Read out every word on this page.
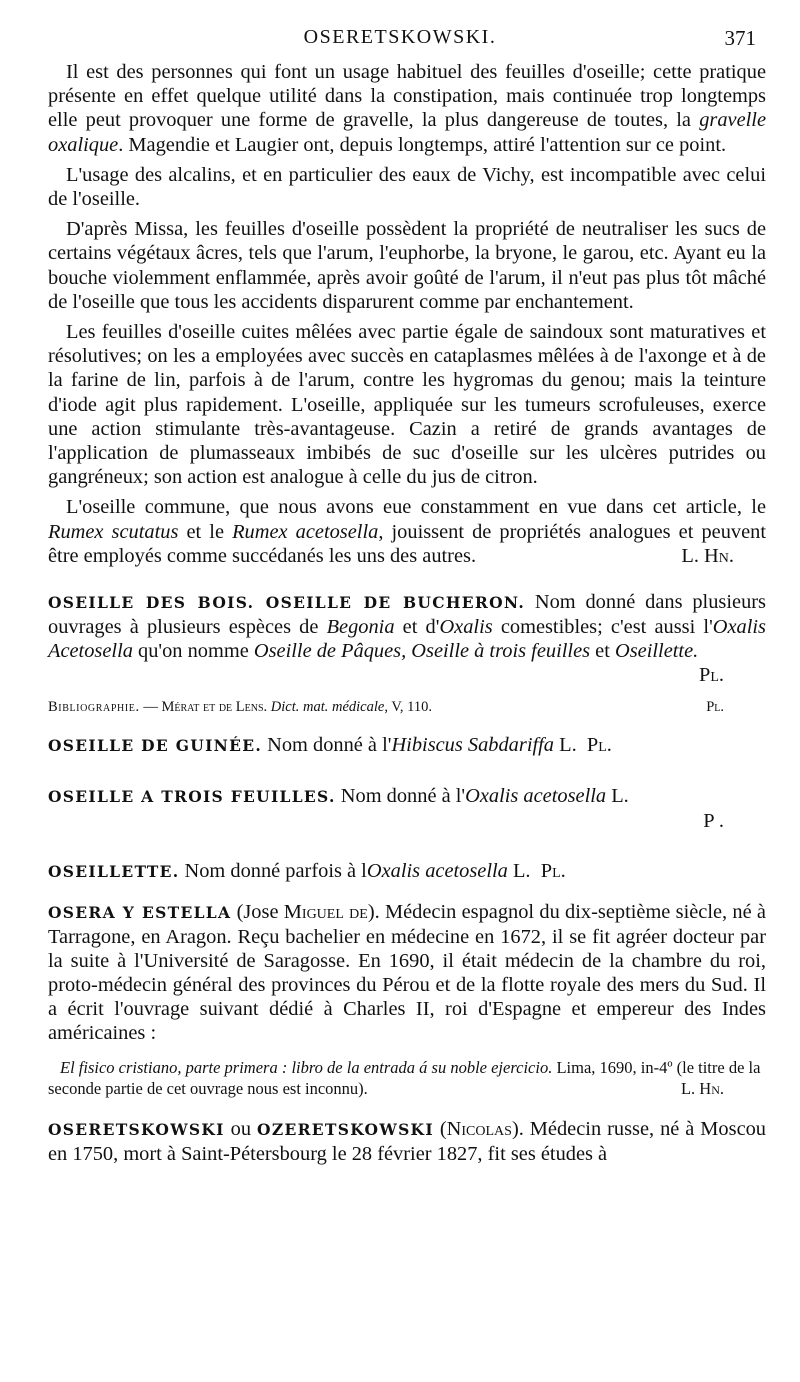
OSERETSKOWSKI.	371

Il est des personnes qui font un usage habituel des feuilles d'oseille; cette pratique présente en effet quelque utilité dans la constipation, mais continuée trop longtemps elle peut provoquer une forme de gravelle, la plus dangereuse de toutes, la gravelle oxalique. Magendie et Laugier ont, depuis longtemps, attiré l'attention sur ce point.

L'usage des alcalins, et en particulier des eaux de Vichy, est incompatible avec celui de l'oseille.

D'après Missa, les feuilles d'oseille possèdent la propriété de neutraliser les sucs de certains végétaux âcres, tels que l'arum, l'euphorbe, la bryone, le garou, etc. Ayant eu la bouche violemment enflammée, après avoir goûté de l'arum, il n'eut pas plus tôt mâché de l'oseille que tous les accidents disparurent comme par enchantement.

Les feuilles d'oseille cuites mêlées avec partie égale de saindoux sont maturatives et résolutives; on les a employées avec succès en cataplasmes mêlées à de l'axonge et à de la farine de lin, parfois à de l'arum, contre les hygromas du genou; mais la teinture d'iode agit plus rapidement. L'oseille, appliquée sur les tumeurs scrofuleuses, exerce une action stimulante très-avantageuse. Cazin a retiré de grands avantages de l'application de plumasseaux imbibés de suc d'oseille sur les ulcères putrides ou gangréneux; son action est analogue à celle du jus de citron.

L'oseille commune, que nous avons eue constamment en vue dans cet article, le Rumex scutatus et le Rumex acetosella, jouissent de propriétés analogues et peuvent être employés comme succédanés les uns des autres.	L. Hn.

OSEILLE DES BOIS. OSEILLE DE BUCHERON. Nom donné dans plusieurs ouvrages à plusieurs espèces de Begonia et d'Oxalis comestibles; c'est aussi l'Oxalis Acetosella qu'on nomme Oseille de Pâques, Oseille à trois feuilles et Oseillette.

Pl.

Bibliographie. — Mérat et de Lens. Dict. mat. médicale, V, 110.	Pl.

OSEILLE DE GUINÉE. Nom donné à l'Hibiscus Sabdariffa L. Pl.

OSEILLE A TROIS FEUILLES. Nom donné à l'Oxalis acetosella L.

P .

OSEILLETTE. Nom donné parfois à lOxalis acetosella L. Pl.

OSERA Y ESTELLA (Jose Miguel de). Médecin espagnol du dix-septième siècle, né à Tarragone, en Aragon. Reçu bachelier en médecine en 1672, il se fit agréer docteur par la suite à l'Université de Saragosse. En 1690, il était médecin de la chambre du roi, proto-médecin général des provinces du Pérou et de la flotte royale des mers du Sud. Il a écrit l'ouvrage suivant dédié à Charles II, roi d'Espagne et empereur des Indes américaines :

El fisico cristiano, parte primera : libro de la entrada á su noble ejercicio. Lima, 1690, in-4º (le titre de la seconde partie de cet ouvrage nous est inconnu).	L. Hn.

OSERETSKOWSKI ou OZERETSKOWSKI (Nicolas). Médecin russe, né à Moscou en 1750, mort à Saint-Pétersbourg le 28 février 1827, fit ses études à
